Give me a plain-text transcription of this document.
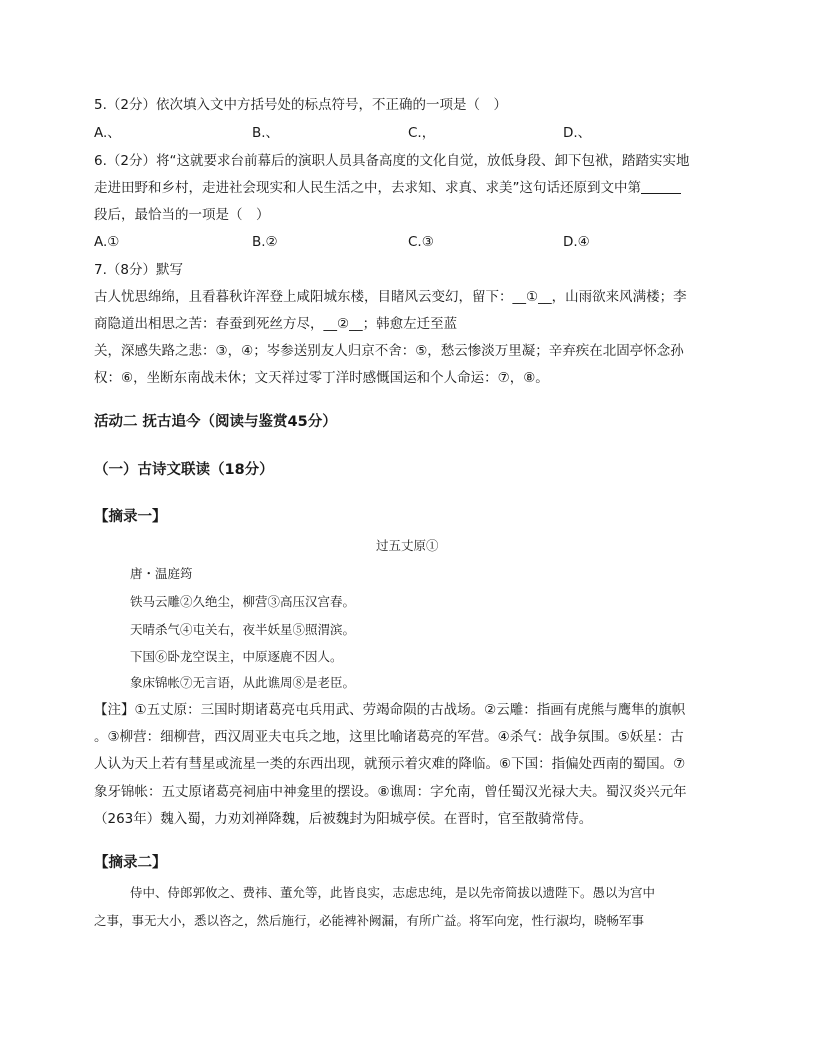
5.（2分）依次填入文中方括号处的标点符号，不正确的一项是（　）
A.、	B.、	C.，	D.、
6.（2分）将“这就要求台前幕后的演职人员具备高度的文化自觉，放低身段、卸下包袱，踏踏实实地
走进田野和乡村，走进社会现实和人民生活之中，去求知、求真、求美”这句话还原到文中第
段后，最恰当的一项是（　）
A.①	B.②	C.③	D.④
7.（8分）默写
古人忧思绵绵，且看暮秋许浑登上咸阳城东楼，目睹风云变幻，留下：__①__，山雨欲来风满楼；李
商隐道出相思之苦：春蚕到死丝方尽，__②__；韩愈左迁至蓝
关，深感失路之悲：③，④；岑参送别友人归京不舍：⑤，愁云惨淡万里凝；辛弃疾在北固亭怀念孙
权：⑥，坐断东南战未休；文天祥过零丁洋时感慨国运和个人命运：⑦，⑧。
活动二 抚古追今（阅读与鉴赏45分）
（一）古诗文联读（18分）
【摘录一】
过五丈原①
唐・温庭筠
铁马云雕②久绝尘，柳营③高压汉宫春。
天晴杀气④屯关右，夜半妖星⑤照渭滨。
下国⑥卧龙空误主，中原逐鹿不因人。
象床锦帐⑦无言语，从此谯周⑧是老臣。
【注】①五丈原：三国时期诸葛亮屯兵用武、劳竭命陨的古战场。②云雕：指画有虎熊与鹰隼的旗帜
。③柳营：细柳营，西汉周亚夫屯兵之地，这里比喻诸葛亮的军营。④杀气：战争氛围。⑤妖星：古
人认为天上若有彗星或流星一类的东西出现，就预示着灾难的降临。⑥下国：指偏处西南的蜀国。⑦
象牙锦帐：五丈原诸葛亮祠庙中神龛里的摆设。⑧谯周：字允南，曾任蜀汉光禄大夫。蜀汉炎兴元年
（263年）魏入蜀，力劝刘禅降魏，后被魏封为阳城亭侯。在晋时，官至散骑常侍。
【摘录二】
侍中、侍郎郭攸之、费祎、董允等，此皆良实，志虑忠纯，是以先帝简拔以遗陛下。愚以为宫中
之事，事无大小，悉以咨之，然后施行，必能裨补阙漏，有所广益。将军向宠，性行淑均，晓畅军事
